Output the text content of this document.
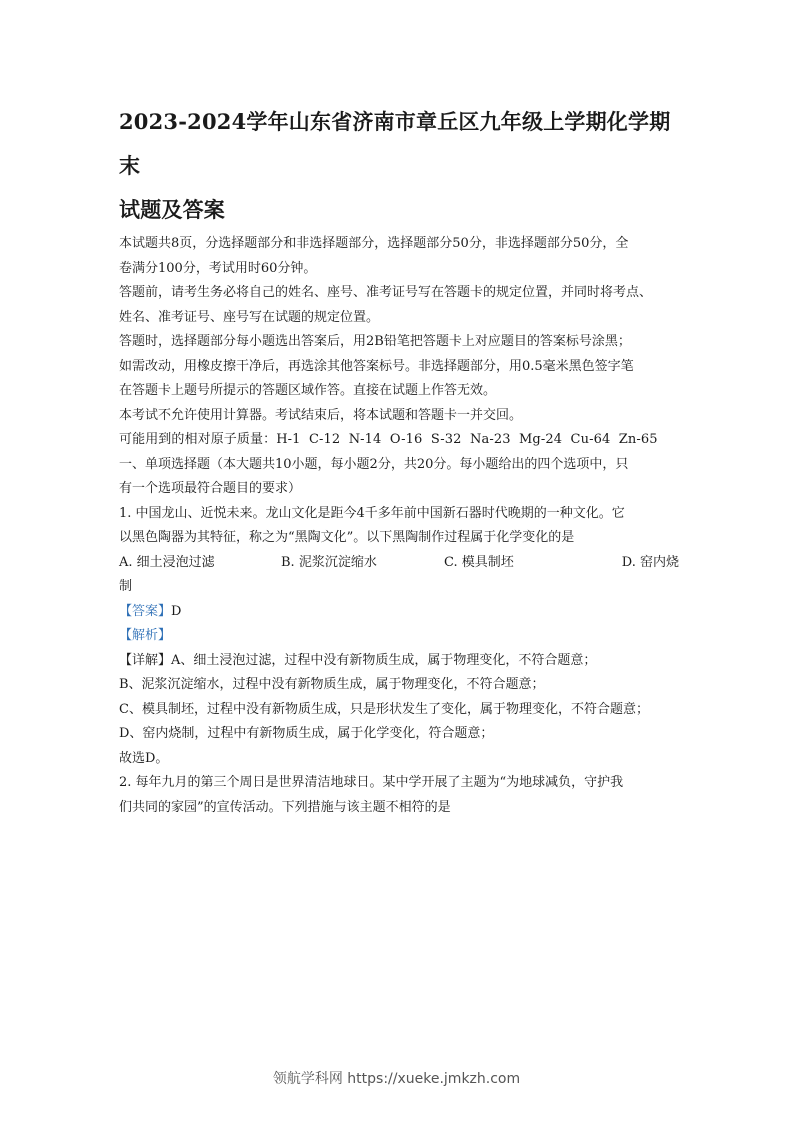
2023-2024学年山东省济南市章丘区九年级上学期化学期末
试题及答案

本试题共8页，分选择题部分和非选择题部分，选择题部分50分，非选择题部分50分，全

卷满分100分，考试用时60分钟。

答题前，请考生务必将自己的姓名、座号、准考证号写在答题卡的规定位置，并同时将考点、

姓名、准考证号、座号写在试题的规定位置。

答题时，选择题部分每小题选出答案后，用2B铅笔把答题卡上对应题目的答案标号涂黑；

如需改动，用橡皮擦干净后，再选涂其他答案标号。非选择题部分，用0.5毫米黑色签字笔

在答题卡上题号所提示的答题区域作答。直接在试题上作答无效。

本考试不允许使用计算器。考试结束后，将本试题和答题卡一并交回。

可能用到的相对原子质量：H-1  C-12  N-14  O-16  S-32  Na-23  Mg-24  Cu-64  Zn-65

一、单项选择题（本大题共10小题，每小题2分，共20分。每小题给出的四个选项中，只

有一个选项最符合题目的要求）

1. 中国龙山、近悦未来。龙山文化是距今4千多年前中国新石器时代晚期的一种文化。它

以黑色陶器为其特征，称之为“黑陶文化”。以下黑陶制作过程属于化学变化的是

A. 细土浸泡过滤	B. 泥浆沉淀缩水	C. 模具制坯	D. 窑内烧

制

【答案】D

【解析】

【详解】A、细土浸泡过滤，过程中没有新物质生成，属于物理变化，不符合题意；

B、泥浆沉淀缩水，过程中没有新物质生成，属于物理变化，不符合题意；

C、模具制坯，过程中没有新物质生成，只是形状发生了变化，属于物理变化，不符合题意；

D、窑内烧制，过程中有新物质生成，属于化学变化，符合题意；

故选D。

2. 每年九月的第三个周日是世界清洁地球日。某中学开展了主题为“为地球减负，守护我

们共同的家园”的宣传活动。下列措施与该主题不相符的是

领航学科网 https://xueke.jmkzh.com
